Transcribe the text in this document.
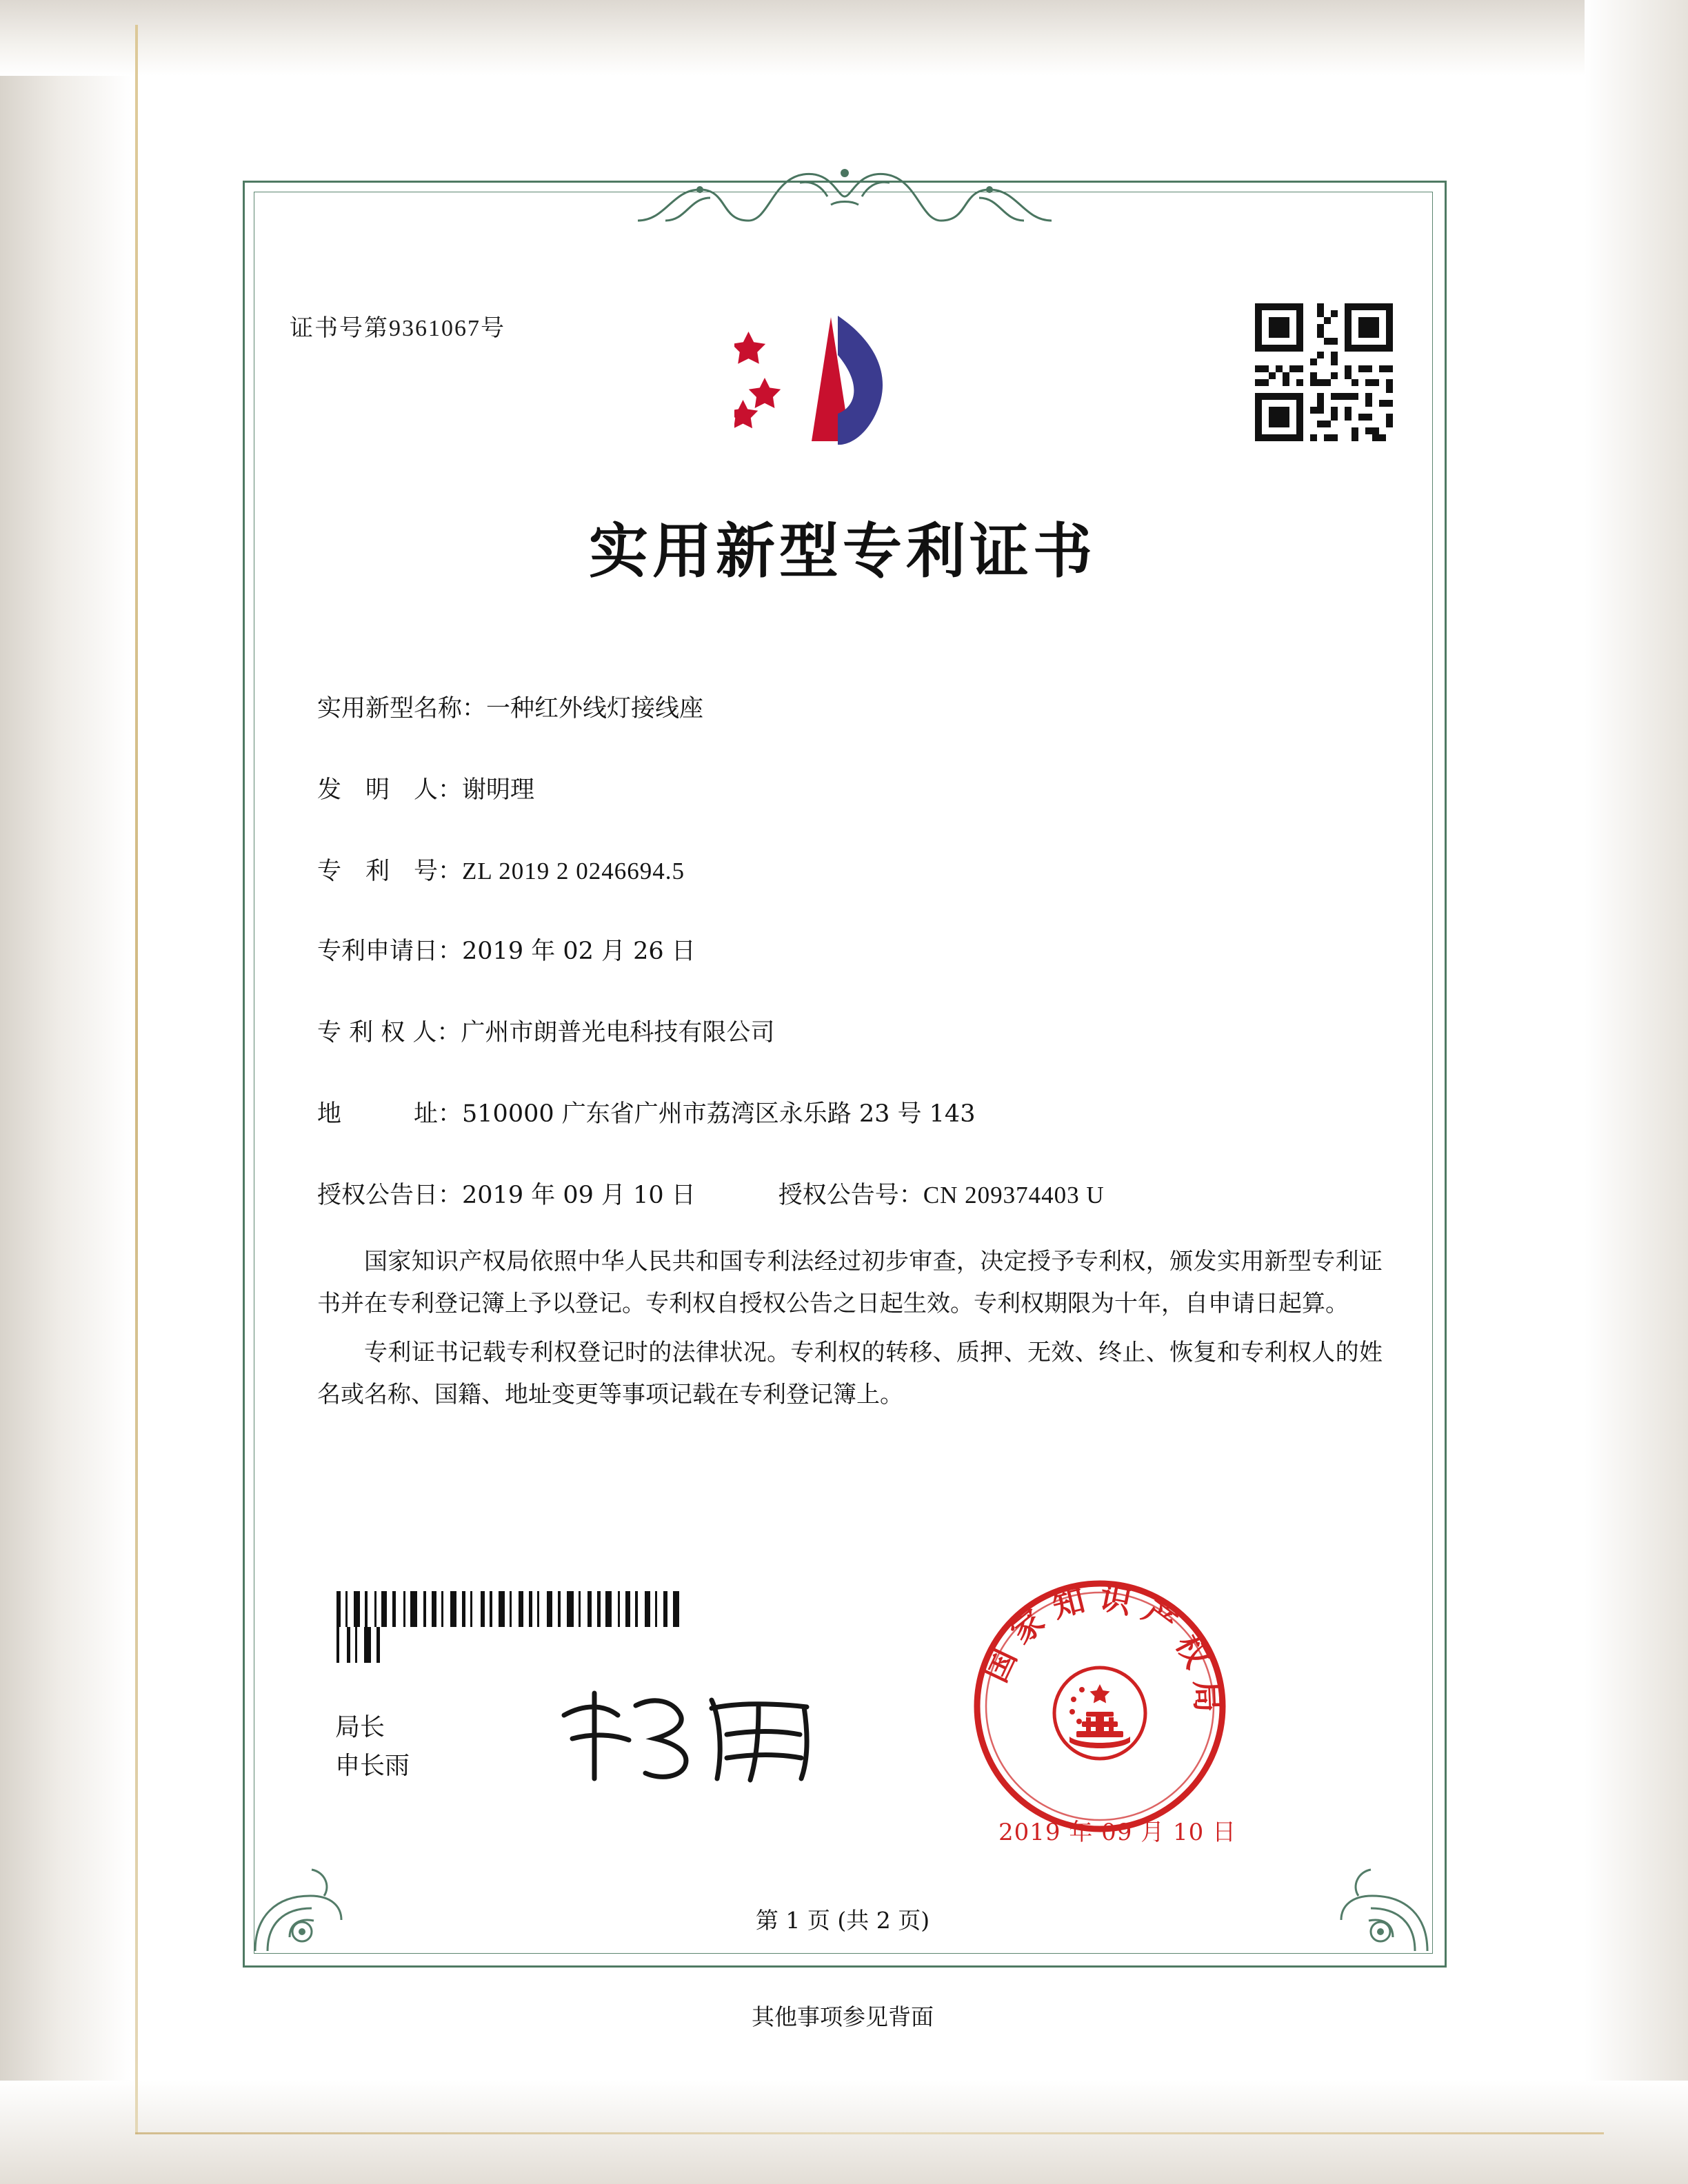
证书号第9361067号
实用新型专利证书
实用新型名称：一种红外线灯接线座
发　明　人：谢明理
专　利　号：ZL 2019 2 0246694.5
专利申请日：2019 年 02 月 26 日
专 利 权 人：广州市朗普光电科技有限公司
地　　　址：510000 广东省广州市荔湾区永乐路 23 号 143
授权公告日：2019 年 09 月 10 日	授权公告号：CN 209374403 U

国家知识产权局依照中华人民共和国专利法经过初步审查，决定授予专利权，颁发实用新型专利证书并在专利登记簿上予以登记。专利权自授权公告之日起生效。专利权期限为十年，自申请日起算。

专利证书记载专利权登记时的法律状况。专利权的转移、质押、无效、终止、恢复和专利权人的姓名或名称、国籍、地址变更等事项记载在专利登记簿上。

局长
申长雨
国家知识产权局
2019 年 09 月 10 日
第 1 页 (共 2 页)
其他事项参见背面
